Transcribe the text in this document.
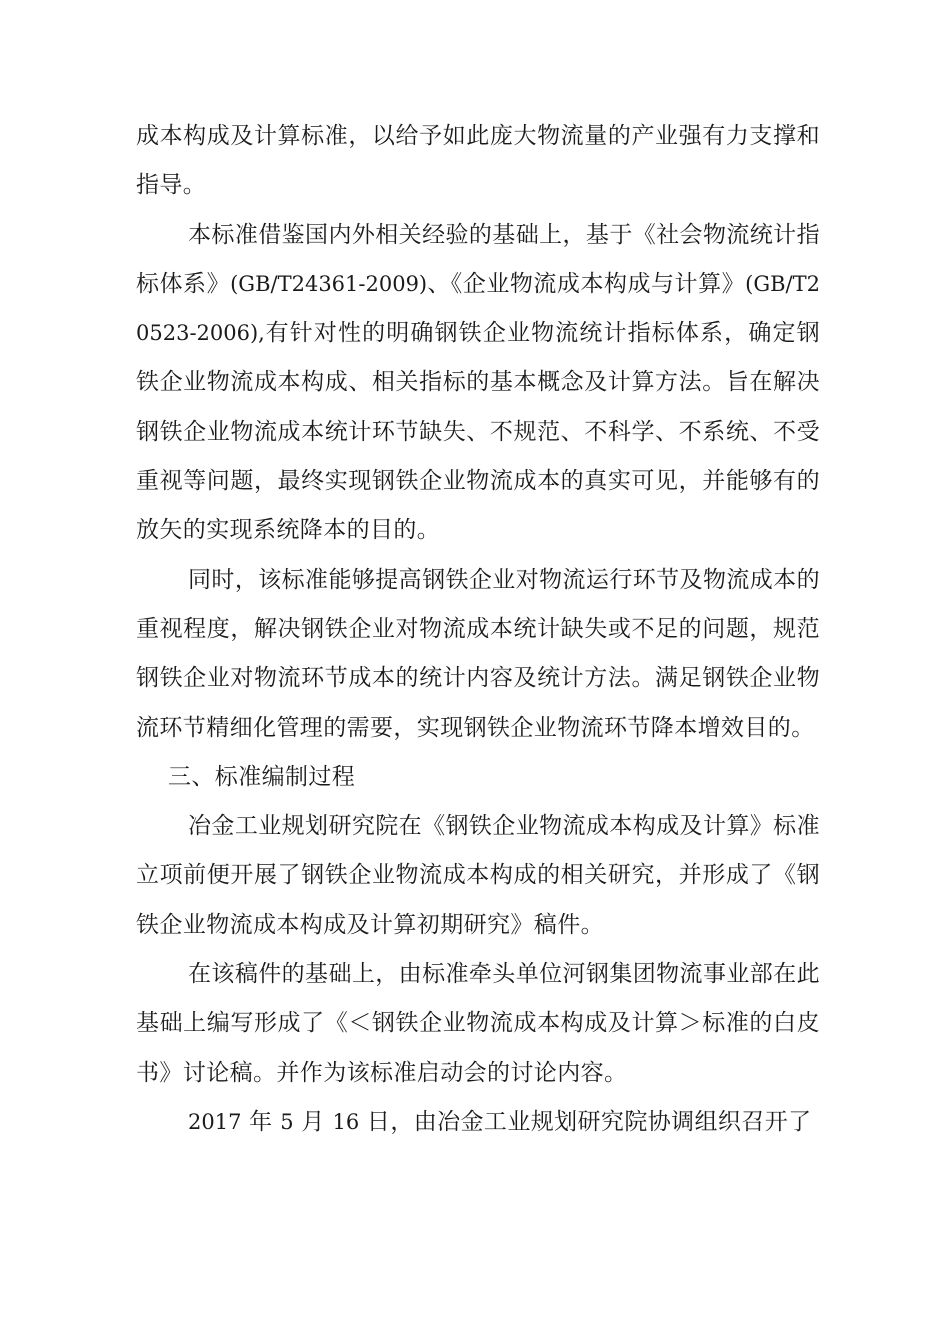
成本构成及计算标准，以给予如此庞大物流量的产业强有力支撑和指导。

本标准借鉴国内外相关经验的基础上，基于《社会物流统计指标体系》(GB/T24361-2009)、《企业物流成本构成与计算》(GB/T20523-2006),有针对性的明确钢铁企业物流统计指标体系，确定钢铁企业物流成本构成、相关指标的基本概念及计算方法。旨在解决钢铁企业物流成本统计环节缺失、不规范、不科学、不系统、不受重视等问题，最终实现钢铁企业物流成本的真实可见，并能够有的放矢的实现系统降本的目的。

同时，该标准能够提高钢铁企业对物流运行环节及物流成本的重视程度，解决钢铁企业对物流成本统计缺失或不足的问题，规范钢铁企业对物流环节成本的统计内容及统计方法。满足钢铁企业物流环节精细化管理的需要，实现钢铁企业物流环节降本增效目的。

三、标准编制过程

冶金工业规划研究院在《钢铁企业物流成本构成及计算》标准立项前便开展了钢铁企业物流成本构成的相关研究，并形成了《钢铁企业物流成本构成及计算初期研究》稿件。

在该稿件的基础上，由标准牵头单位河钢集团物流事业部在此基础上编写形成了《＜钢铁企业物流成本构成及计算＞标准的白皮书》讨论稿。并作为该标准启动会的讨论内容。

2017 年 5 月 16 日，由冶金工业规划研究院协调组织召开了
